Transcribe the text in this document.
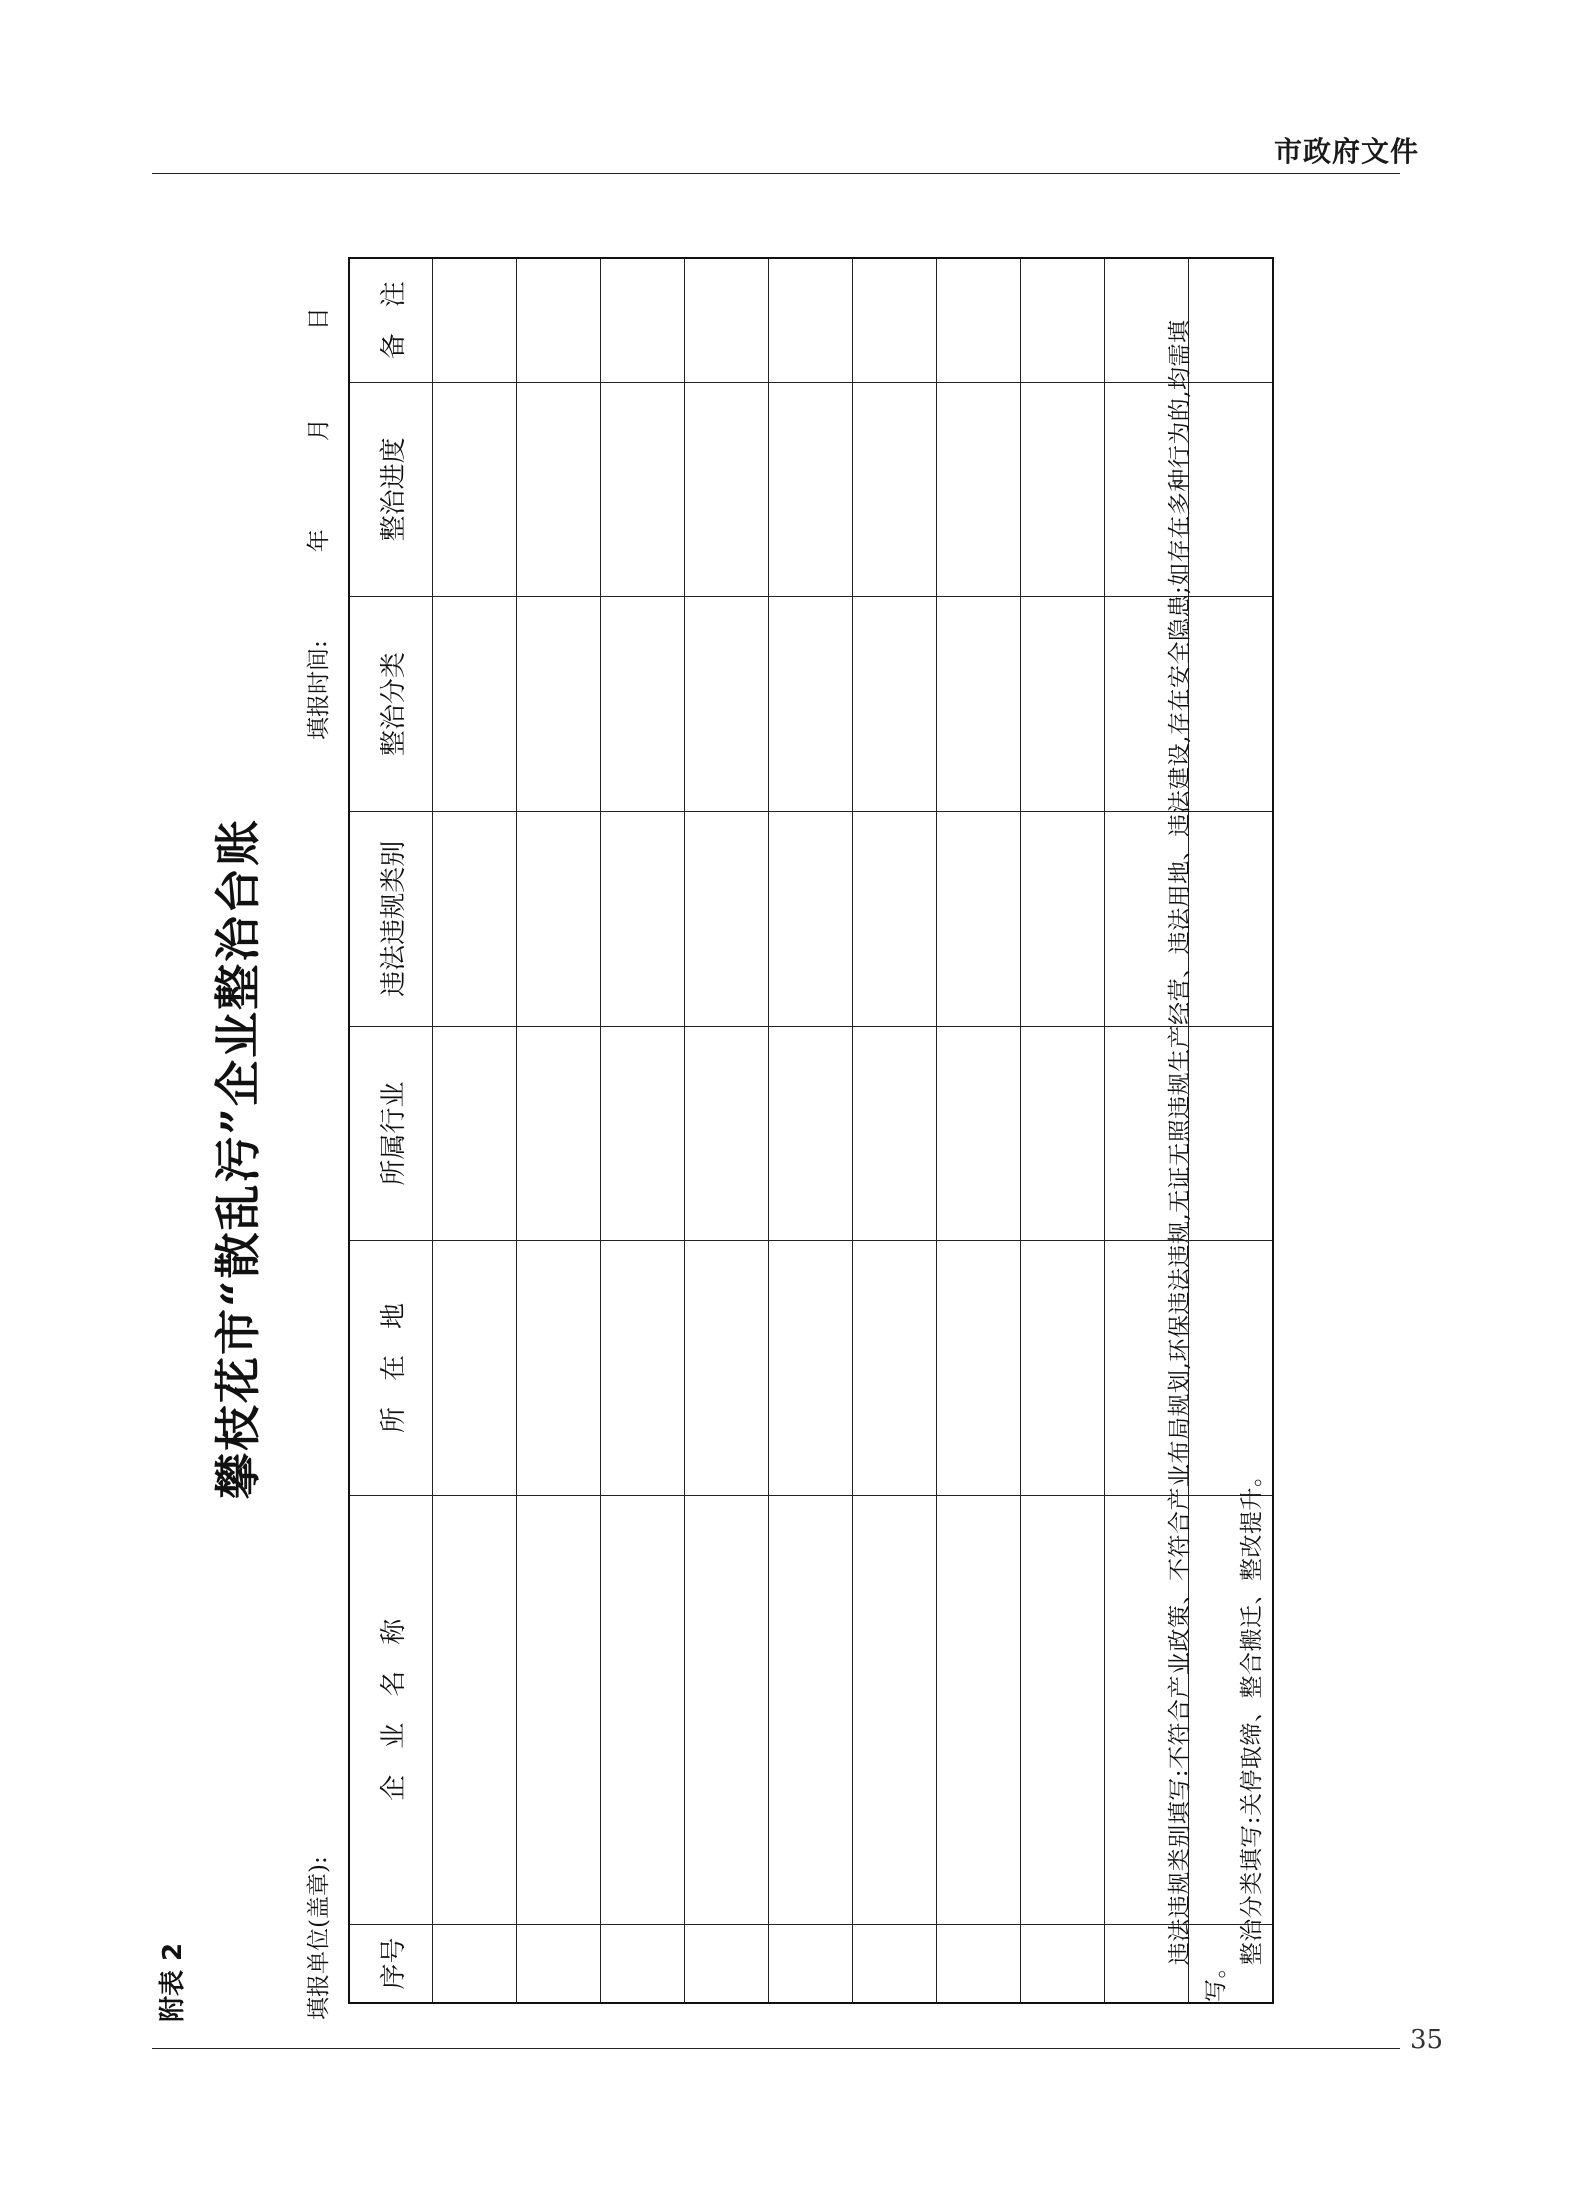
市政府文件
附表 2
攀枝花市“散乱污”企业整治台账
填报单位(盖章):
填报时间:年月日
序号	企　业　名　称	所　在　地	所属行业	违法违规类别	整治分类	整治进度	备　注

								违法违规类别填写:不符合产业政策、不符合产业布局规划,环保违法违规,无证无照违规生产经营、违法用地、违法建设,存在安全隐患;如存在多种行为的,均需填写。

整治分类填写:关停取缔、整合搬迁、整改提升。

35
